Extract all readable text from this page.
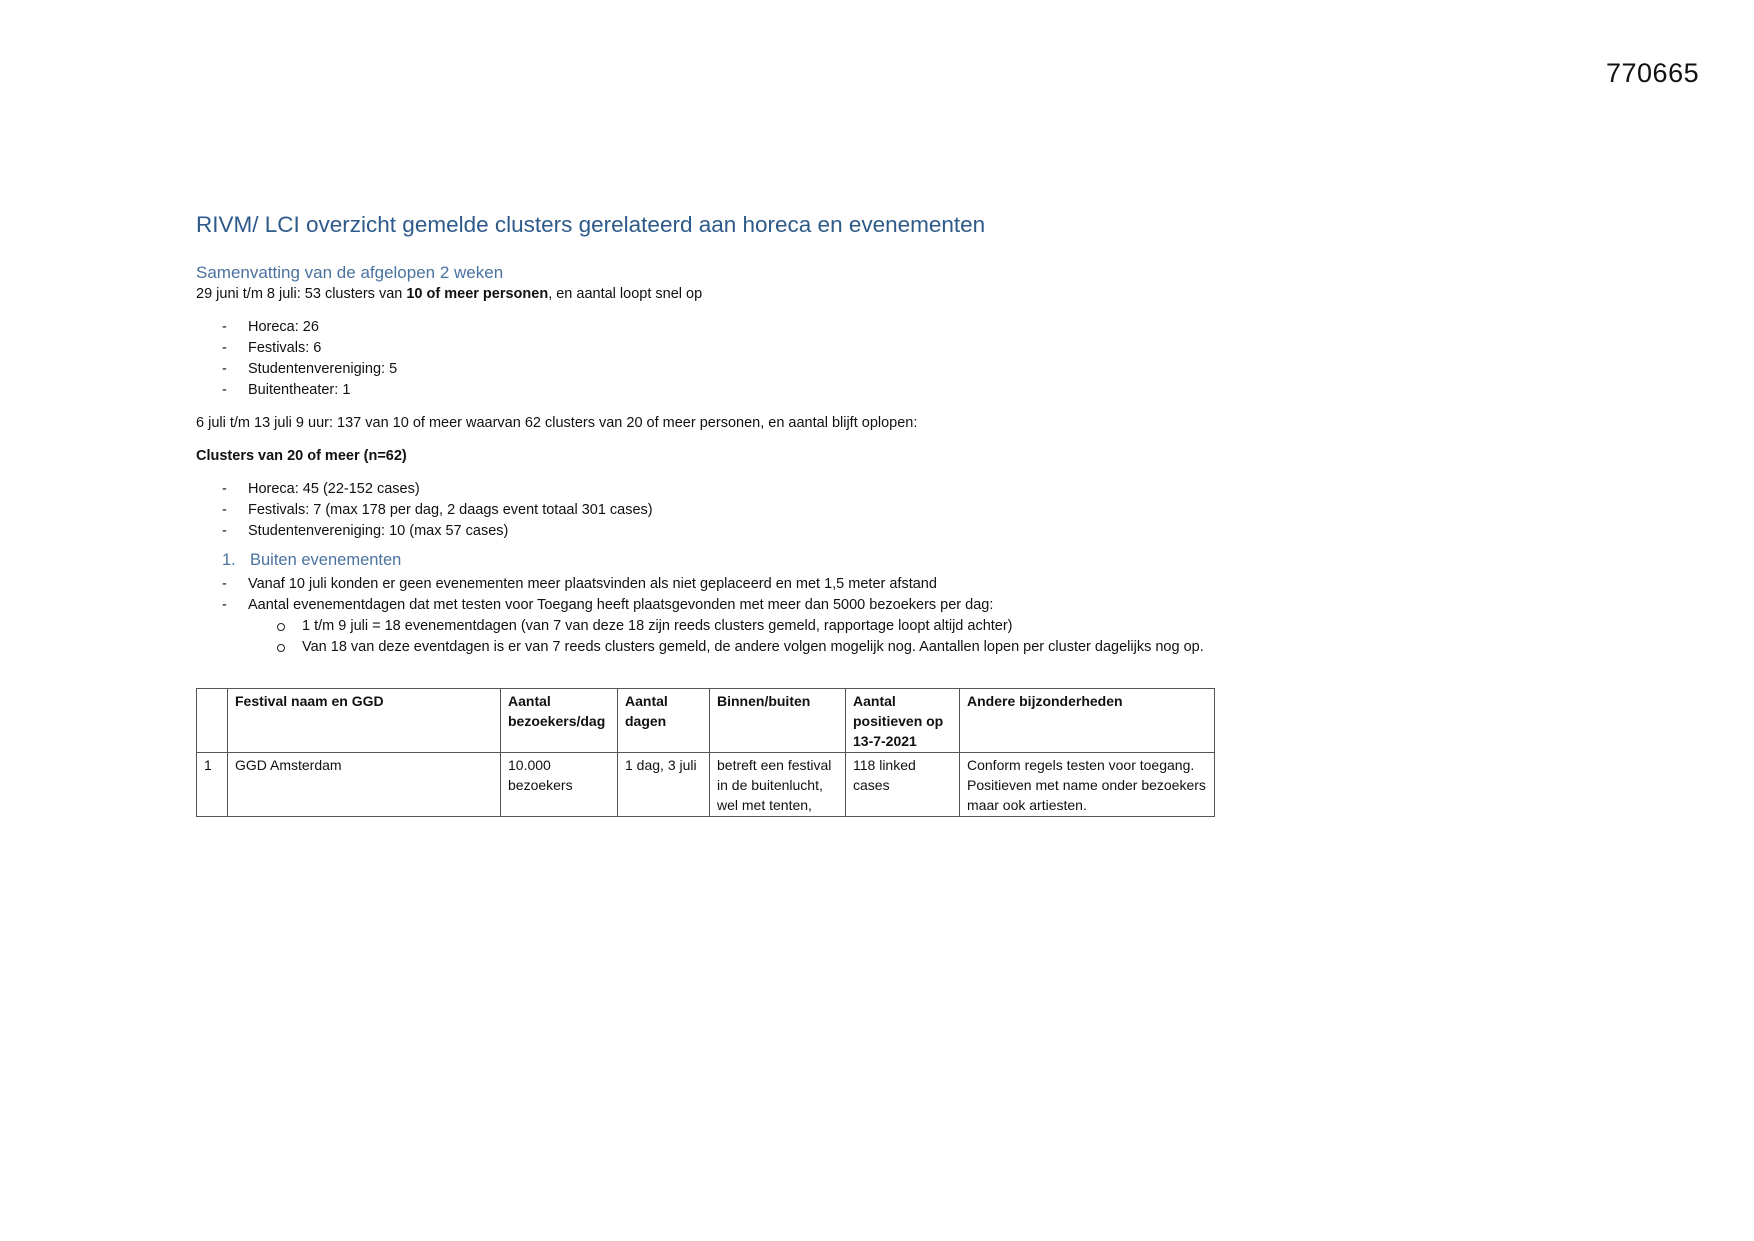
770665
RIVM/ LCI overzicht gemelde clusters gerelateerd aan horeca en evenementen
Samenvatting van de afgelopen 2 weken

29 juni t/m 8 juli: 53 clusters van 10 of meer personen, en aantal loopt snel op

- Horeca: 26
- Festivals: 6
- Studentenvereniging: 5
- Buitentheater: 1

6 juli t/m 13 juli 9 uur: 137 van 10 of meer waarvan 62 clusters van 20 of meer personen, en aantal blijft oplopen:

Clusters van 20 of meer (n=62)

- Horeca: 45 (22-152 cases)
- Festivals: 7 (max 178 per dag, 2 daags event totaal 301 cases)
- Studentenvereniging: 10 (max 57 cases)
1. Buiten evenementen
- Vanaf 10 juli konden er geen evenementen meer plaatsvinden als niet geplaceerd en met 1,5 meter afstand
- Aantal evenementdagen dat met testen voor Toegang heeft plaatsgevonden met meer dan 5000 bezoekers per dag:
1 t/m 9 juli = 18 evenementdagen (van 7 van deze 18 zijn reeds clusters gemeld, rapportage loopt altijd achter)
Van 18 van deze eventdagen is er van 7 reeds clusters gemeld, de andere volgen mogelijk nog. Aantallen lopen per cluster dagelijks nog op.
	Festival naam en GGD	Aantal bezoekers/dag	Aantal dagen	Binnen/buiten	Aantal positieven op 13-7-2021	Andere bijzonderheden
1	GGD Amsterdam	10.000 bezoekers	1 dag, 3 juli	betreft een festival in de buitenlucht, wel met tenten,	118 linked cases	Conform regels testen voor toegang. Positieven met name onder bezoekers maar ook artiesten.
